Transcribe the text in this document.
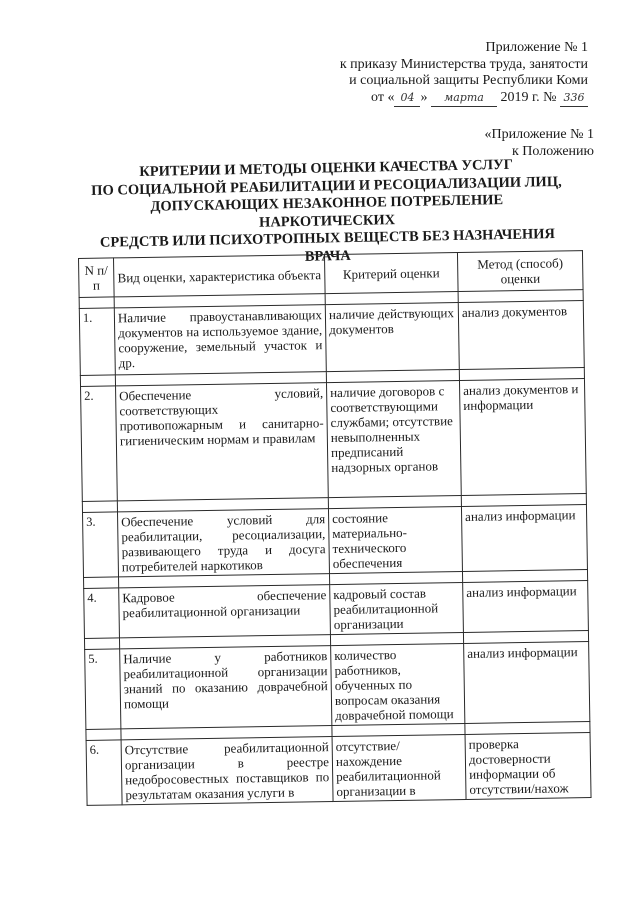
Приложение № 1
к приказу Министерства труда, занятости
и социальной защиты Республики Коми
от « 04 » марта 2019 г. № 336
«Приложение № 1
к Положению
КРИТЕРИИ И МЕТОДЫ ОЦЕНКИ КАЧЕСТВА УСЛУГ
ПО СОЦИАЛЬНОЙ РЕАБИЛИТАЦИИ И РЕСОЦИАЛИЗАЦИИ ЛИЦ,
ДОПУСКАЮЩИХ НЕЗАКОННОЕ ПОТРЕБЛЕНИЕ НАРКОТИЧЕСКИХ
СРЕДСТВ ИЛИ ПСИХОТРОПНЫХ ВЕЩЕСТВ БЕЗ НАЗНАЧЕНИЯ
ВРАЧА
N п/п	Вид оценки, характеристика объекта	Критерий оценки	Метод (способ) оценки

1.	Наличие правоустанавливающих документов на используемое здание, сооружение, земельный участок и др.	наличие действующих документов	анализ документов

2.	Обеспечение условий, соответствующих противопожарным и санитарно-гигиеническим нормам и правилам	наличие договоров с соответствующими службами; отсутствие невыполненных предписаний надзорных органов	анализ документов и информации

3.	Обеспечение условий для реабилитации, ресоциализации, развивающего труда и досуга потребителей наркотиков	состояние материально-технического обеспечения	анализ информации

4.	Кадровое обеспечение реабилитационной организации	кадровый состав реабилитационной организации	анализ информации

5.	Наличие у работников реабилитационной организации знаний по оказанию доврачебной помощи	количество работников, обученных по вопросам оказания доврачебной помощи	анализ информации

6.	Отсутствие реабилитационной организации в реестре недобросовестных поставщиков по результатам оказания услуги в	отсутствие/нахождение реабилитационной организации в	проверка достоверности информации об отсутствии/нахож
